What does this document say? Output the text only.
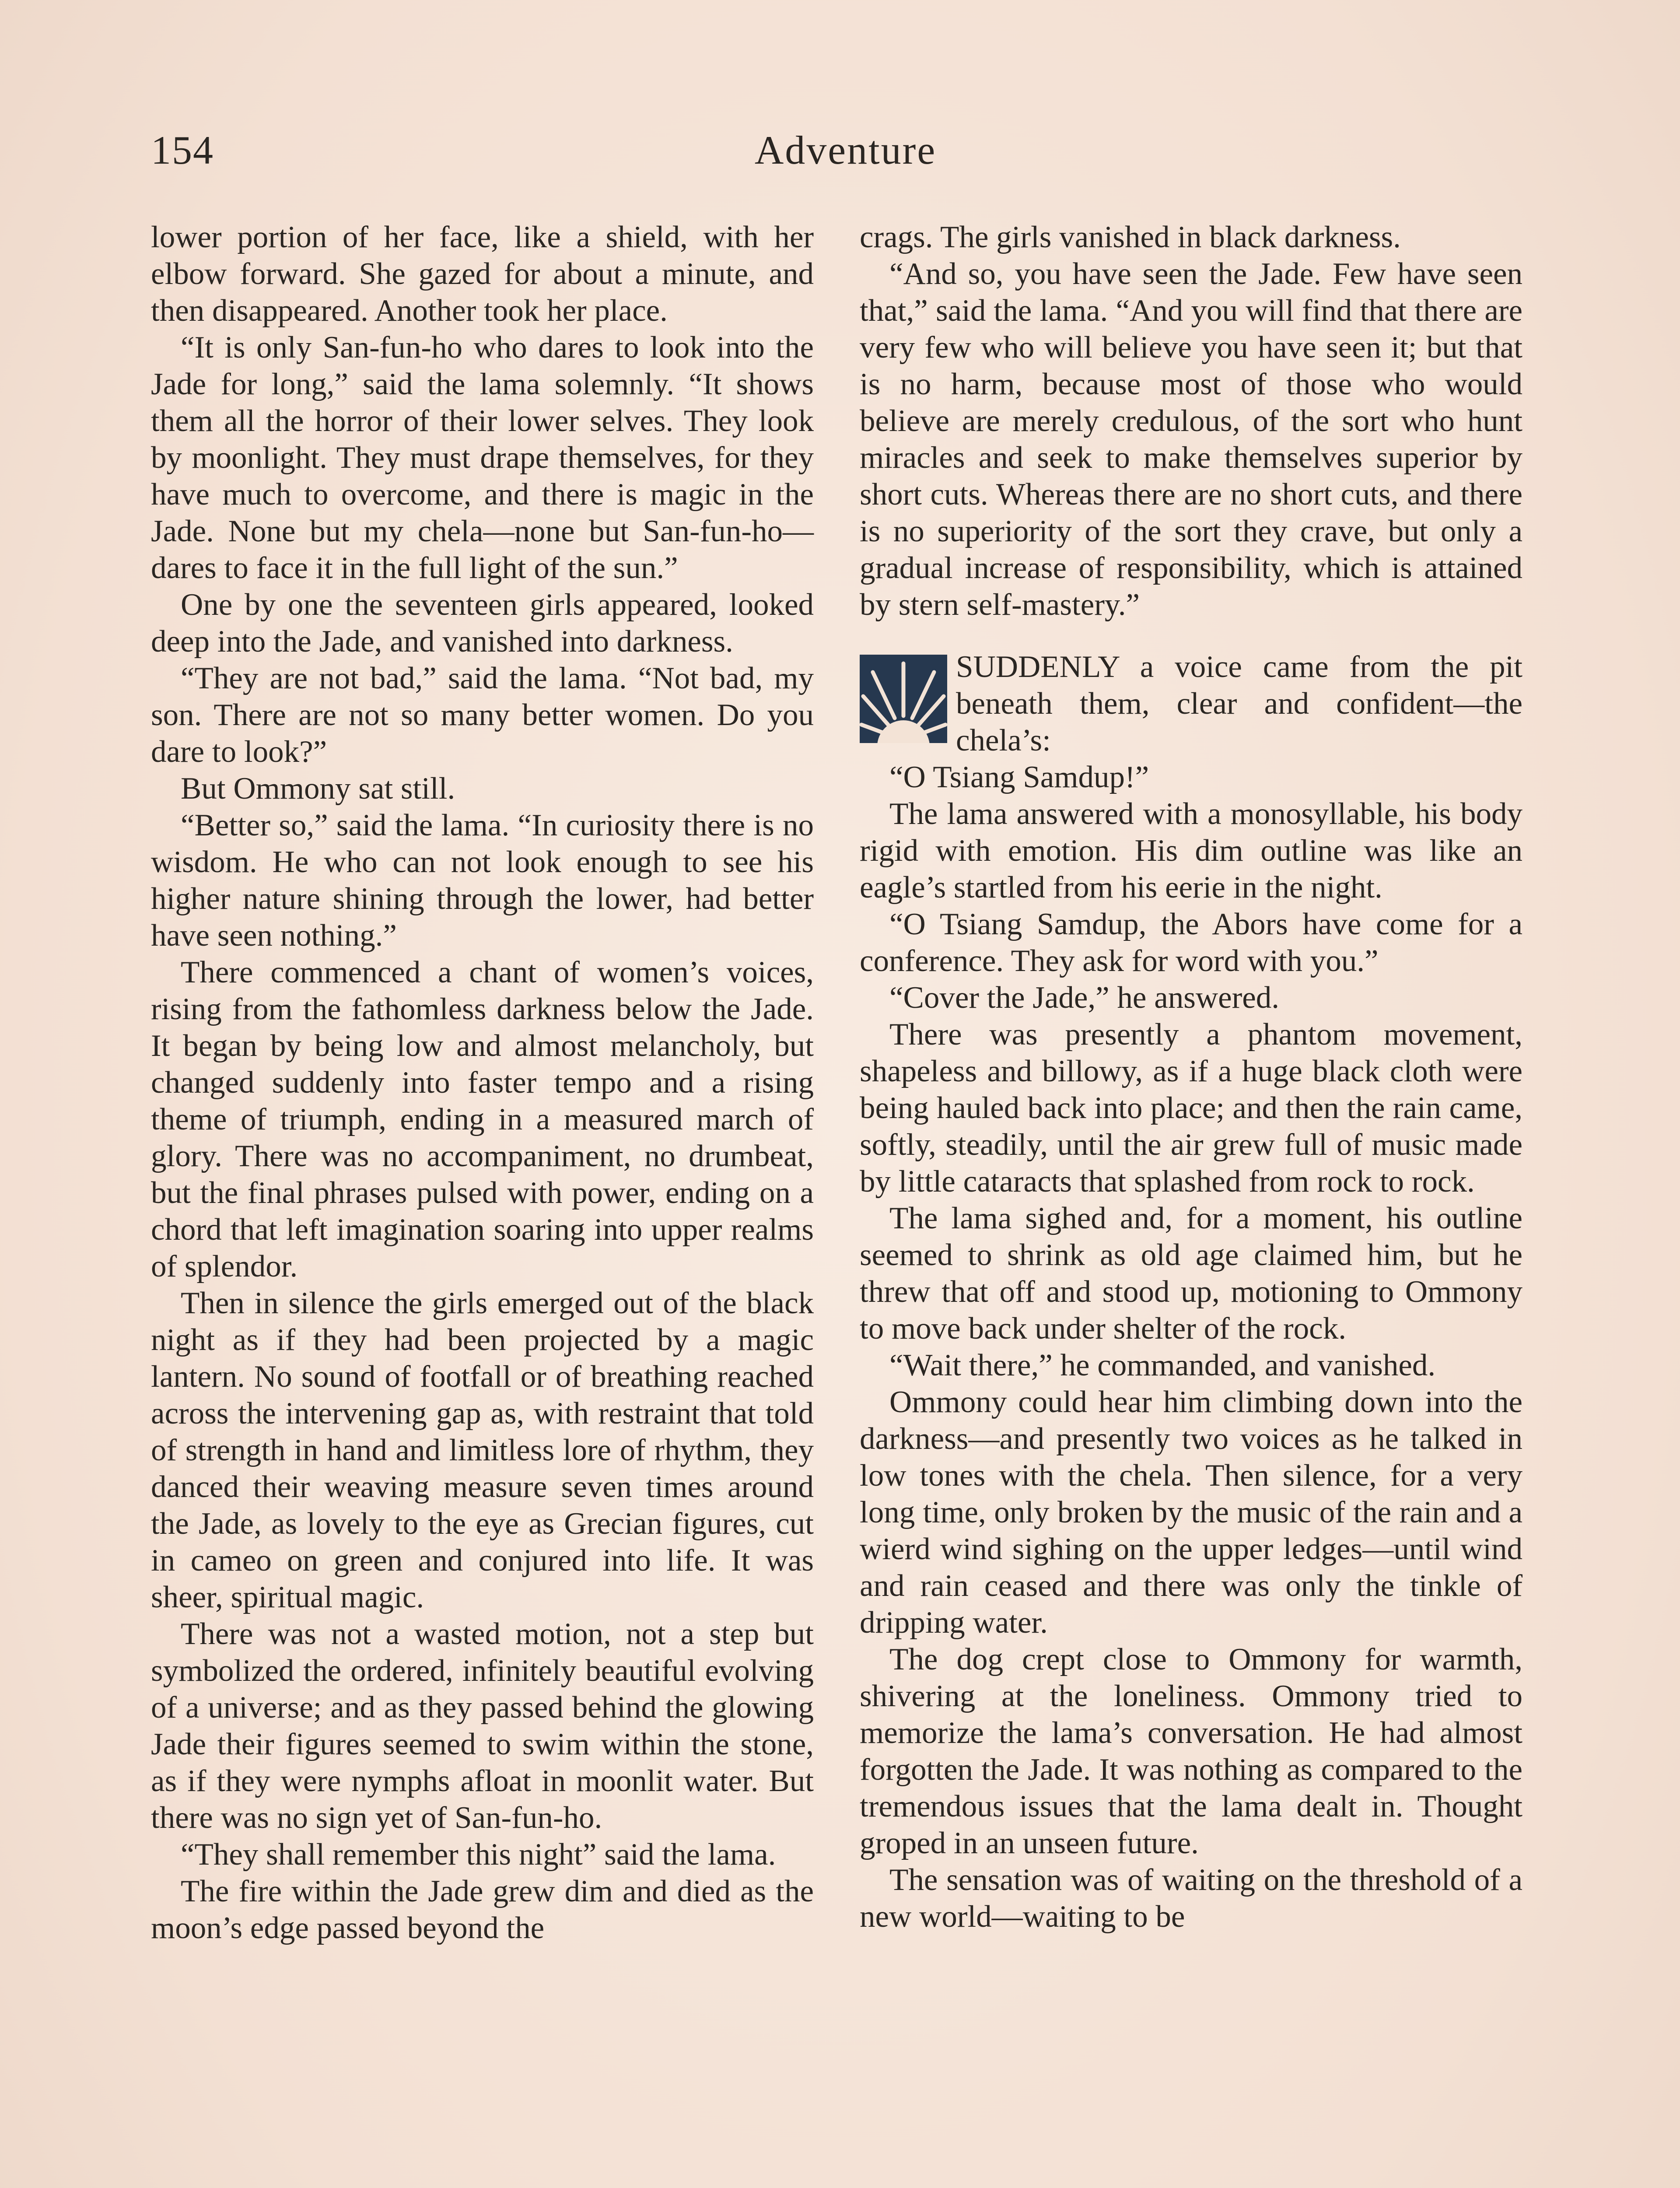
154	Adventure

lower portion of her face, like a shield, with her elbow forward. She gazed for about a minute, and then disappeared. Another took her place.

“It is only San-fun-ho who dares to look into the Jade for long,” said the lama solemnly. “It shows them all the horror of their lower selves. They look by moonlight. They must drape themselves, for they have much to overcome, and there is magic in the Jade. None but my chela—none but San-fun-ho—dares to face it in the full light of the sun.”

One by one the seventeen girls appeared, looked deep into the Jade, and vanished into darkness.

“They are not bad,” said the lama. “Not bad, my son. There are not so many better women. Do you dare to look?”

But Ommony sat still.

“Better so,” said the lama. “In curiosity there is no wisdom. He who can not look enough to see his higher nature shining through the lower, had better have seen nothing.”

There commenced a chant of women’s voices, rising from the fathomless darkness below the Jade. It began by being low and almost melancholy, but changed suddenly into faster tempo and a rising theme of triumph, ending in a measured march of glory. There was no accompaniment, no drumbeat, but the final phrases pulsed with power, ending on a chord that left imagination soaring into upper realms of splendor.

Then in silence the girls emerged out of the black night as if they had been projected by a magic lantern. No sound of footfall or of breathing reached across the intervening gap as, with restraint that told of strength in hand and limitless lore of rhythm, they danced their weaving measure seven times around the Jade, as lovely to the eye as Grecian figures, cut in cameo on green and conjured into life. It was sheer, spiritual magic.

There was not a wasted motion, not a step but symbolized the ordered, infinitely beautiful evolving of a universe; and as they passed behind the glowing Jade their figures seemed to swim within the stone, as if they were nymphs afloat in moonlit water. But there was no sign yet of San-fun-ho.

“They shall remember this night” said the lama.

The fire within the Jade grew dim and died as the moon’s edge passed beyond the

crags. The girls vanished in black darkness.

“And so, you have seen the Jade. Few have seen that,” said the lama. “And you will find that there are very few who will believe you have seen it; but that is no harm, because most of those who would believe are merely credulous, of the sort who hunt miracles and seek to make themselves superior by short cuts. Whereas there are no short cuts, and there is no superiority of the sort they crave, but only a gradual increase of responsibility, which is attained by stern self-mastery.”

SUDDENLY a voice came from the pit beneath them, clear and confident—the chela’s:

“O Tsiang Samdup!”

The lama answered with a monosyllable, his body rigid with emotion. His dim outline was like an eagle’s startled from his eerie in the night.

“O Tsiang Samdup, the Abors have come for a conference. They ask for word with you.”

“Cover the Jade,” he answered.

There was presently a phantom movement, shapeless and billowy, as if a huge black cloth were being hauled back into place; and then the rain came, softly, steadily, until the air grew full of music made by little cataracts that splashed from rock to rock.

The lama sighed and, for a moment, his outline seemed to shrink as old age claimed him, but he threw that off and stood up, motioning to Ommony to move back under shelter of the rock.

“Wait there,” he commanded, and vanished.

Ommony could hear him climbing down into the darkness—and presently two voices as he talked in low tones with the chela. Then silence, for a very long time, only broken by the music of the rain and a wierd wind sighing on the upper ledges—until wind and rain ceased and there was only the tinkle of dripping water.

The dog crept close to Ommony for warmth, shivering at the loneliness. Ommony tried to memorize the lama’s conversation. He had almost forgotten the Jade. It was nothing as compared to the tremendous issues that the lama dealt in. Thought groped in an unseen future.

The sensation was of waiting on the threshold of a new world—waiting to be
